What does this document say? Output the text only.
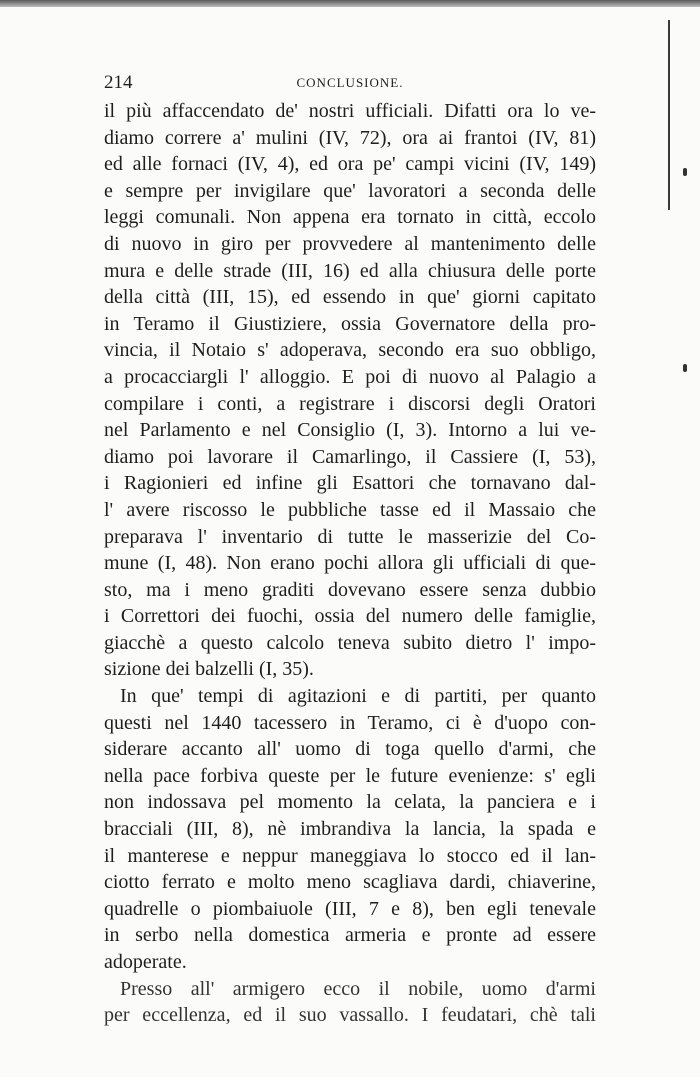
214	CONCLUSIONE.
il più affaccendato de' nostri ufficiali. Difatti ora lo ve-
diamo correre a' mulini (IV, 72), ora ai frantoi (IV, 81)
ed alle fornaci (IV, 4), ed ora pe' campi vicini (IV, 149)
e sempre per invigilare que' lavoratori a seconda delle
leggi comunali. Non appena era tornato in città, eccolo
di nuovo in giro per provvedere al mantenimento delle
mura e delle strade (III, 16) ed alla chiusura delle porte
della città (III, 15), ed essendo in que' giorni capitato
in Teramo il Giustiziere, ossia Governatore della pro-
vincia, il Notaio s' adoperava, secondo era suo obbligo,
a procacciargli l' alloggio. E poi di nuovo al Palagio a
compilare i conti, a registrare i discorsi degli Oratori
nel Parlamento e nel Consiglio (I, 3). Intorno a lui ve-
diamo poi lavorare il Camarlingo, il Cassiere (I, 53),
i Ragionieri ed infine gli Esattori che tornavano dal-
l' avere riscosso le pubbliche tasse ed il Massaio che
preparava l' inventario di tutte le masserizie del Co-
mune (I, 48). Non erano pochi allora gli ufficiali di que-
sto, ma i meno graditi dovevano essere senza dubbio
i Correttori dei fuochi, ossia del numero delle famiglie,
giacchè a questo calcolo teneva subito dietro l' impo-
sizione dei balzelli (I, 35).
In que' tempi di agitazioni e di partiti, per quanto
questi nel 1440 tacessero in Teramo, ci è d'uopo con-
siderare accanto all' uomo di toga quello d'armi, che
nella pace forbiva queste per le future evenienze: s' egli
non indossava pel momento la celata, la panciera e i
bracciali (III, 8), nè imbrandiva la lancia, la spada e
il manterese e neppur maneggiava lo stocco ed il lan-
ciotto ferrato e molto meno scagliava dardi, chiaverine,
quadrelle o piombaiuole (III, 7 e 8), ben egli tenevale
in serbo nella domestica armeria e pronte ad essere
adoperate.
Presso all' armigero ecco il nobile, uomo d'armi
per eccellenza, ed il suo vassallo. I feudatari, chè tali
